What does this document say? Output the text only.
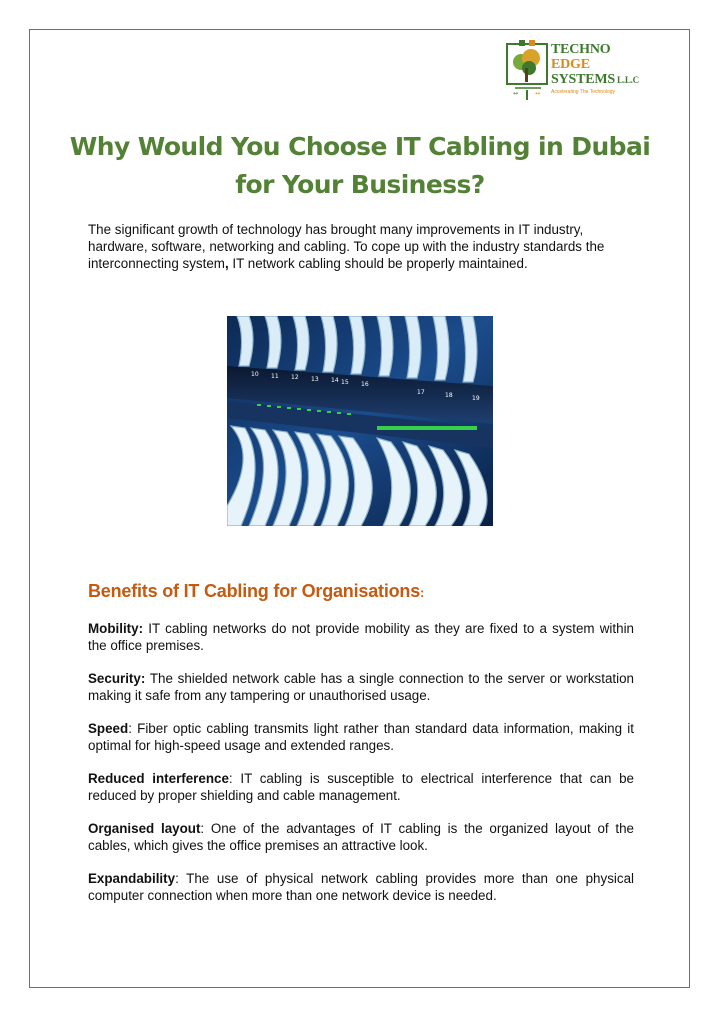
↔	↔
TECHNO
EDGE
SYSTEMS L.L.C
Accelerating The Technology
Why Would You Choose IT Cabling in Dubai for Your Business?

The significant growth of technology has brought many improvements in IT industry, hardware, software, networking and cabling. To cope up with the industry standards the interconnecting system, IT network cabling should be properly maintained.

10 11 12 13 14 15 16
17	18	19
Benefits of IT Cabling for Organisations:
Mobility: IT cabling networks do not provide mobility as they are fixed to a system within the office premises.
Security: The shielded network cable has a single connection to the server or workstation making it safe from any tampering or unauthorised usage.
Speed: Fiber optic cabling transmits light rather than standard data information, making it optimal for high-speed usage and extended ranges.
Reduced interference: IT cabling is susceptible to electrical interference that can be reduced by proper shielding and cable management.
Organised layout: One of the advantages of IT cabling is the organized layout of the cables, which gives the office premises an attractive look.
Expandability: The use of physical network cabling provides more than one physical computer connection when more than one network device is needed.
